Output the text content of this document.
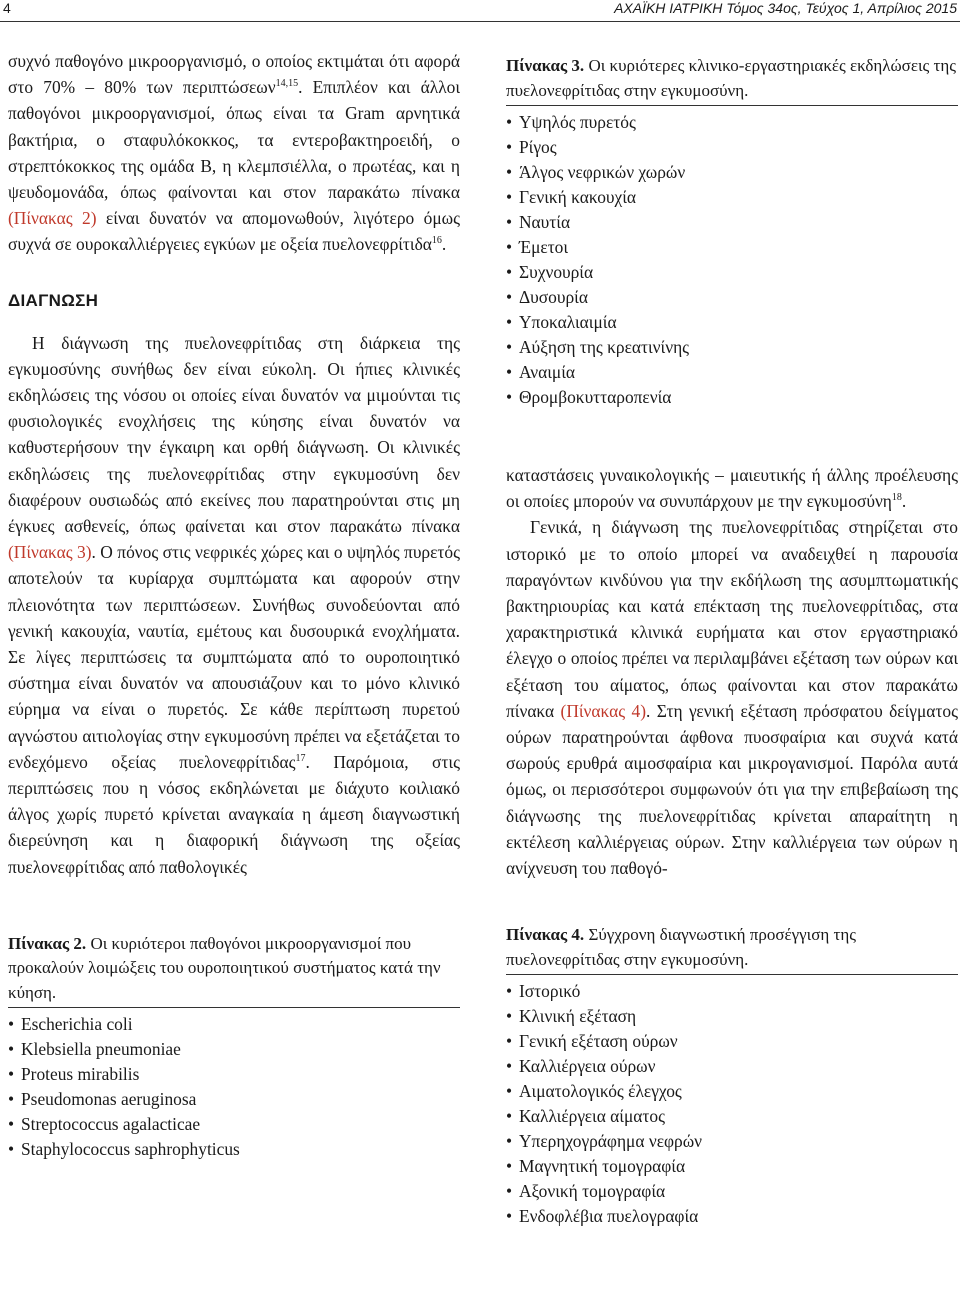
4	ΑΧΑΪΚΗ ΙΑΤΡΙΚΗ Τόμος 34ος, Τεύχος 1, Απρίλιος 2015

συχνό παθογόνο μικροοργανισμό, ο οποίος εκτιμάται ότι αφορά στο 70% – 80% των περιπτώσεων$^{14,15}$. Επιπλέον και άλλοι παθογόνοι μικροοργανισμοί, όπως είναι τα Gram αρνητικά βακτήρια, ο σταφυλόκοκκος, τα εντεροβακτηροειδή, ο στρεπτόκοκκος της ομάδα Β, η κλεμπσιέλλα, ο πρωτέας, και η ψευδομονάδα, όπως φαίνονται και στον παρακάτω πίνακα (Πίνακας 2) είναι δυνατόν να απομονωθούν, λιγότερο όμως συχνά σε ουροκαλλιέργειες εγκύων με οξεία πυελονεφρίτιδα$^{16}$.

ΔΙΑΓΝΩΣΗ

Η διάγνωση της πυελονεφρίτιδας στη διάρκεια της εγκυμοσύνης συνήθως δεν είναι εύκολη. Οι ήπιες κλινικές εκδηλώσεις της νόσου οι οποίες είναι δυνατόν να μιμούνται τις φυσιολογικές ενοχλήσεις της κύησης είναι δυνατόν να καθυστερήσουν την έγκαιρη και ορθή διάγνωση. Οι κλινικές εκδηλώσεις της πυελονεφρίτιδας στην εγκυμοσύνη δεν διαφέρουν ουσιωδώς από εκείνες που παρατηρούνται στις μη έγκυες ασθενείς, όπως φαίνεται και στον παρακάτω πίνακα (Πίνακας 3). Ο πόνος στις νεφρικές χώρες και ο υψηλός πυρετός αποτελούν τα κυρίαρχα συμπτώματα και αφορούν στην πλειονότητα των περιπτώσεων. Συνήθως συνοδεύονται από γενική κακουχία, ναυτία, εμέτους και δυσουρικά ενοχλήματα. Σε λίγες περιπτώσεις τα συμπτώματα από το ουροποιητικό σύστημα είναι δυνατόν να απουσιάζουν και το μόνο κλινικό εύρημα να είναι ο πυρετός. Σε κάθε περίπτωση πυρετού αγνώστου αιτιολογίας στην εγκυμοσύνη πρέπει να εξετάζεται το ενδεχόμενο οξείας πυελονεφρίτιδας$^{17}$. Παρόμοια, στις περιπτώσεις που η νόσος εκδηλώνεται με διάχυτο κοιλιακό άλγος χωρίς πυρετό κρίνεται αναγκαία η άμεση διαγνωστική διερεύνηση και η διαφορική διάγνωση της οξείας πυελονεφρίτιδας από παθολογικές

Πίνακας 2. Οι κυριότεροι παθογόνοι μικροοργανισμοί που προκαλούν λοιμώξεις του ουροποιητικού συστήματος κατά την κύηση.
• Escherichia coli
• Klebsiella pneumoniae
• Proteus mirabilis
• Pseudomonas aeruginosa
• Streptococcus agalacticae
• Staphylococcus saphrophyticus
Πίνακας 3. Οι κυριότερες κλινικο-εργαστηριακές εκδηλώσεις της πυελονεφρίτιδας στην εγκυμοσύνη.
• Υψηλός πυρετός
• Ρίγος
• Άλγος νεφρικών χωρών
• Γενική κακουχία
• Ναυτία
• Έμετοι
• Συχνουρία
• Δυσουρία
• Υποκαλιαιμία
• Αύξηση της κρεατινίνης
• Αναιμία
• Θρομβοκυτταροπενία

καταστάσεις γυναικολογικής – μαιευτικής ή άλλης προέλευσης οι οποίες μπορούν να συνυπάρχουν με την εγκυμοσύνη$^{18}$.

Γενικά, η διάγνωση της πυελονεφρίτιδας στηρίζεται στο ιστορικό με το οποίο μπορεί να αναδειχθεί η παρουσία παραγόντων κινδύνου για την εκδήλωση της ασυμπτωματικής βακτηριουρίας και κατά επέκταση της πυελονεφρίτιδας, στα χαρακτηριστικά κλινικά ευρήματα και στον εργαστηριακό έλεγχο ο οποίος πρέπει να περιλαμβάνει εξέταση των ούρων και εξέταση του αίματος, όπως φαίνονται και στον παρακάτω πίνακα (Πίνακας 4). Στη γενική εξέταση πρόσφατου δείγματος ούρων παρατηρούνται άφθονα πυοσφαίρια και συχνά κατά σωρούς ερυθρά αιμοσφαίρια και μικρογανισμοί. Παρόλα αυτά όμως, οι περισσότεροι συμφωνούν ότι για την επιβεβαίωση της διάγνωσης της πυελονεφρίτιδας κρίνεται απαραίτητη η εκτέλεση καλλιέργειας ούρων. Στην καλλιέργεια των ούρων η ανίχνευση του παθογό-

Πίνακας 4. Σύγχρονη διαγνωστική προσέγγιση της πυελονεφρίτιδας στην εγκυμοσύνη.
• Ιστορικό
• Κλινική εξέταση
• Γενική εξέταση ούρων
• Καλλιέργεια ούρων
• Αιματολογικός έλεγχος
• Καλλιέργεια αίματος
• Υπερηχογράφημα νεφρών
• Μαγνητική τομογραφία
• Αξονική τομογραφία
• Ενδοφλέβια πυελογραφία
